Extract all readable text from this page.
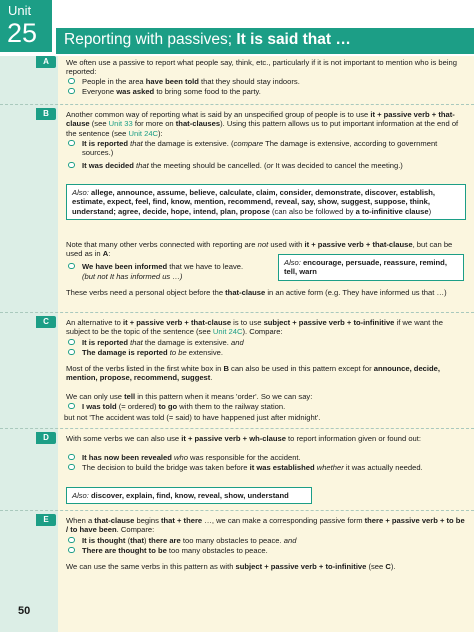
Unit
25 Reporting with passives; It is said that …
A	We often use a passive to report what people say, think, etc., particularly if it is not important to mention who is being reported:
People in the area have been told that they should stay indoors.
Everyone was asked to bring some food to the party.
B	Another common way of reporting what is said by an unspecified group of people is to use it + passive verb + that-clause (see Unit 33 for more on that-clauses). Using this pattern allows us to put important information at the end of the sentence (see Unit 24C):
It is reported that the damage is extensive. (compare The damage is extensive, according to government sources.)
It was decided that the meeting should be cancelled. (or It was decided to cancel the meeting.)
Also: allege, announce, assume, believe, calculate, claim, consider, demonstrate, discover, establish, estimate, expect, feel, find, know, mention, recommend, reveal, say, show, suggest, suppose, think, understand; agree, decide, hope, intend, plan, propose (can also be followed by a to-infinitive clause)
Note that many other verbs connected with reporting are not used with it + passive verb + that-clause, but can be used as in A:
We have been informed that we have to leave.
(but not It has informed us …)
Also: encourage, persuade, reassure, remind, tell, warn
These verbs need a personal object before the that-clause in an active form (e.g. They have informed us that …)
C	An alternative to it + passive verb + that-clause is to use subject + passive verb + to-infinitive if we want the subject to be the topic of the sentence (see Unit 24C). Compare:
It is reported that the damage is extensive. and
The damage is reported to be extensive.
Most of the verbs listed in the first white box in B can also be used in this pattern except for announce, decide, mention, propose, recommend, suggest.
We can only use tell in this pattern when it means 'order'. So we can say:
I was told (= ordered) to go with them to the railway station.
but not 'The accident was told (= said) to have happened just after midnight'.
D	With some verbs we can also use it + passive verb + wh-clause to report information given or found out:
It has now been revealed who was responsible for the accident.
The decision to build the bridge was taken before it was established whether it was actually needed.
Also: discover, explain, find, know, reveal, show, understand
E	When a that-clause begins that + there …, we can make a corresponding passive form there + passive verb + to be / to have been. Compare:
It is thought (that) there are too many obstacles to peace. and
There are thought to be too many obstacles to peace.
We can use the same verbs in this pattern as with subject + passive verb + to-infinitive (see C).
50
